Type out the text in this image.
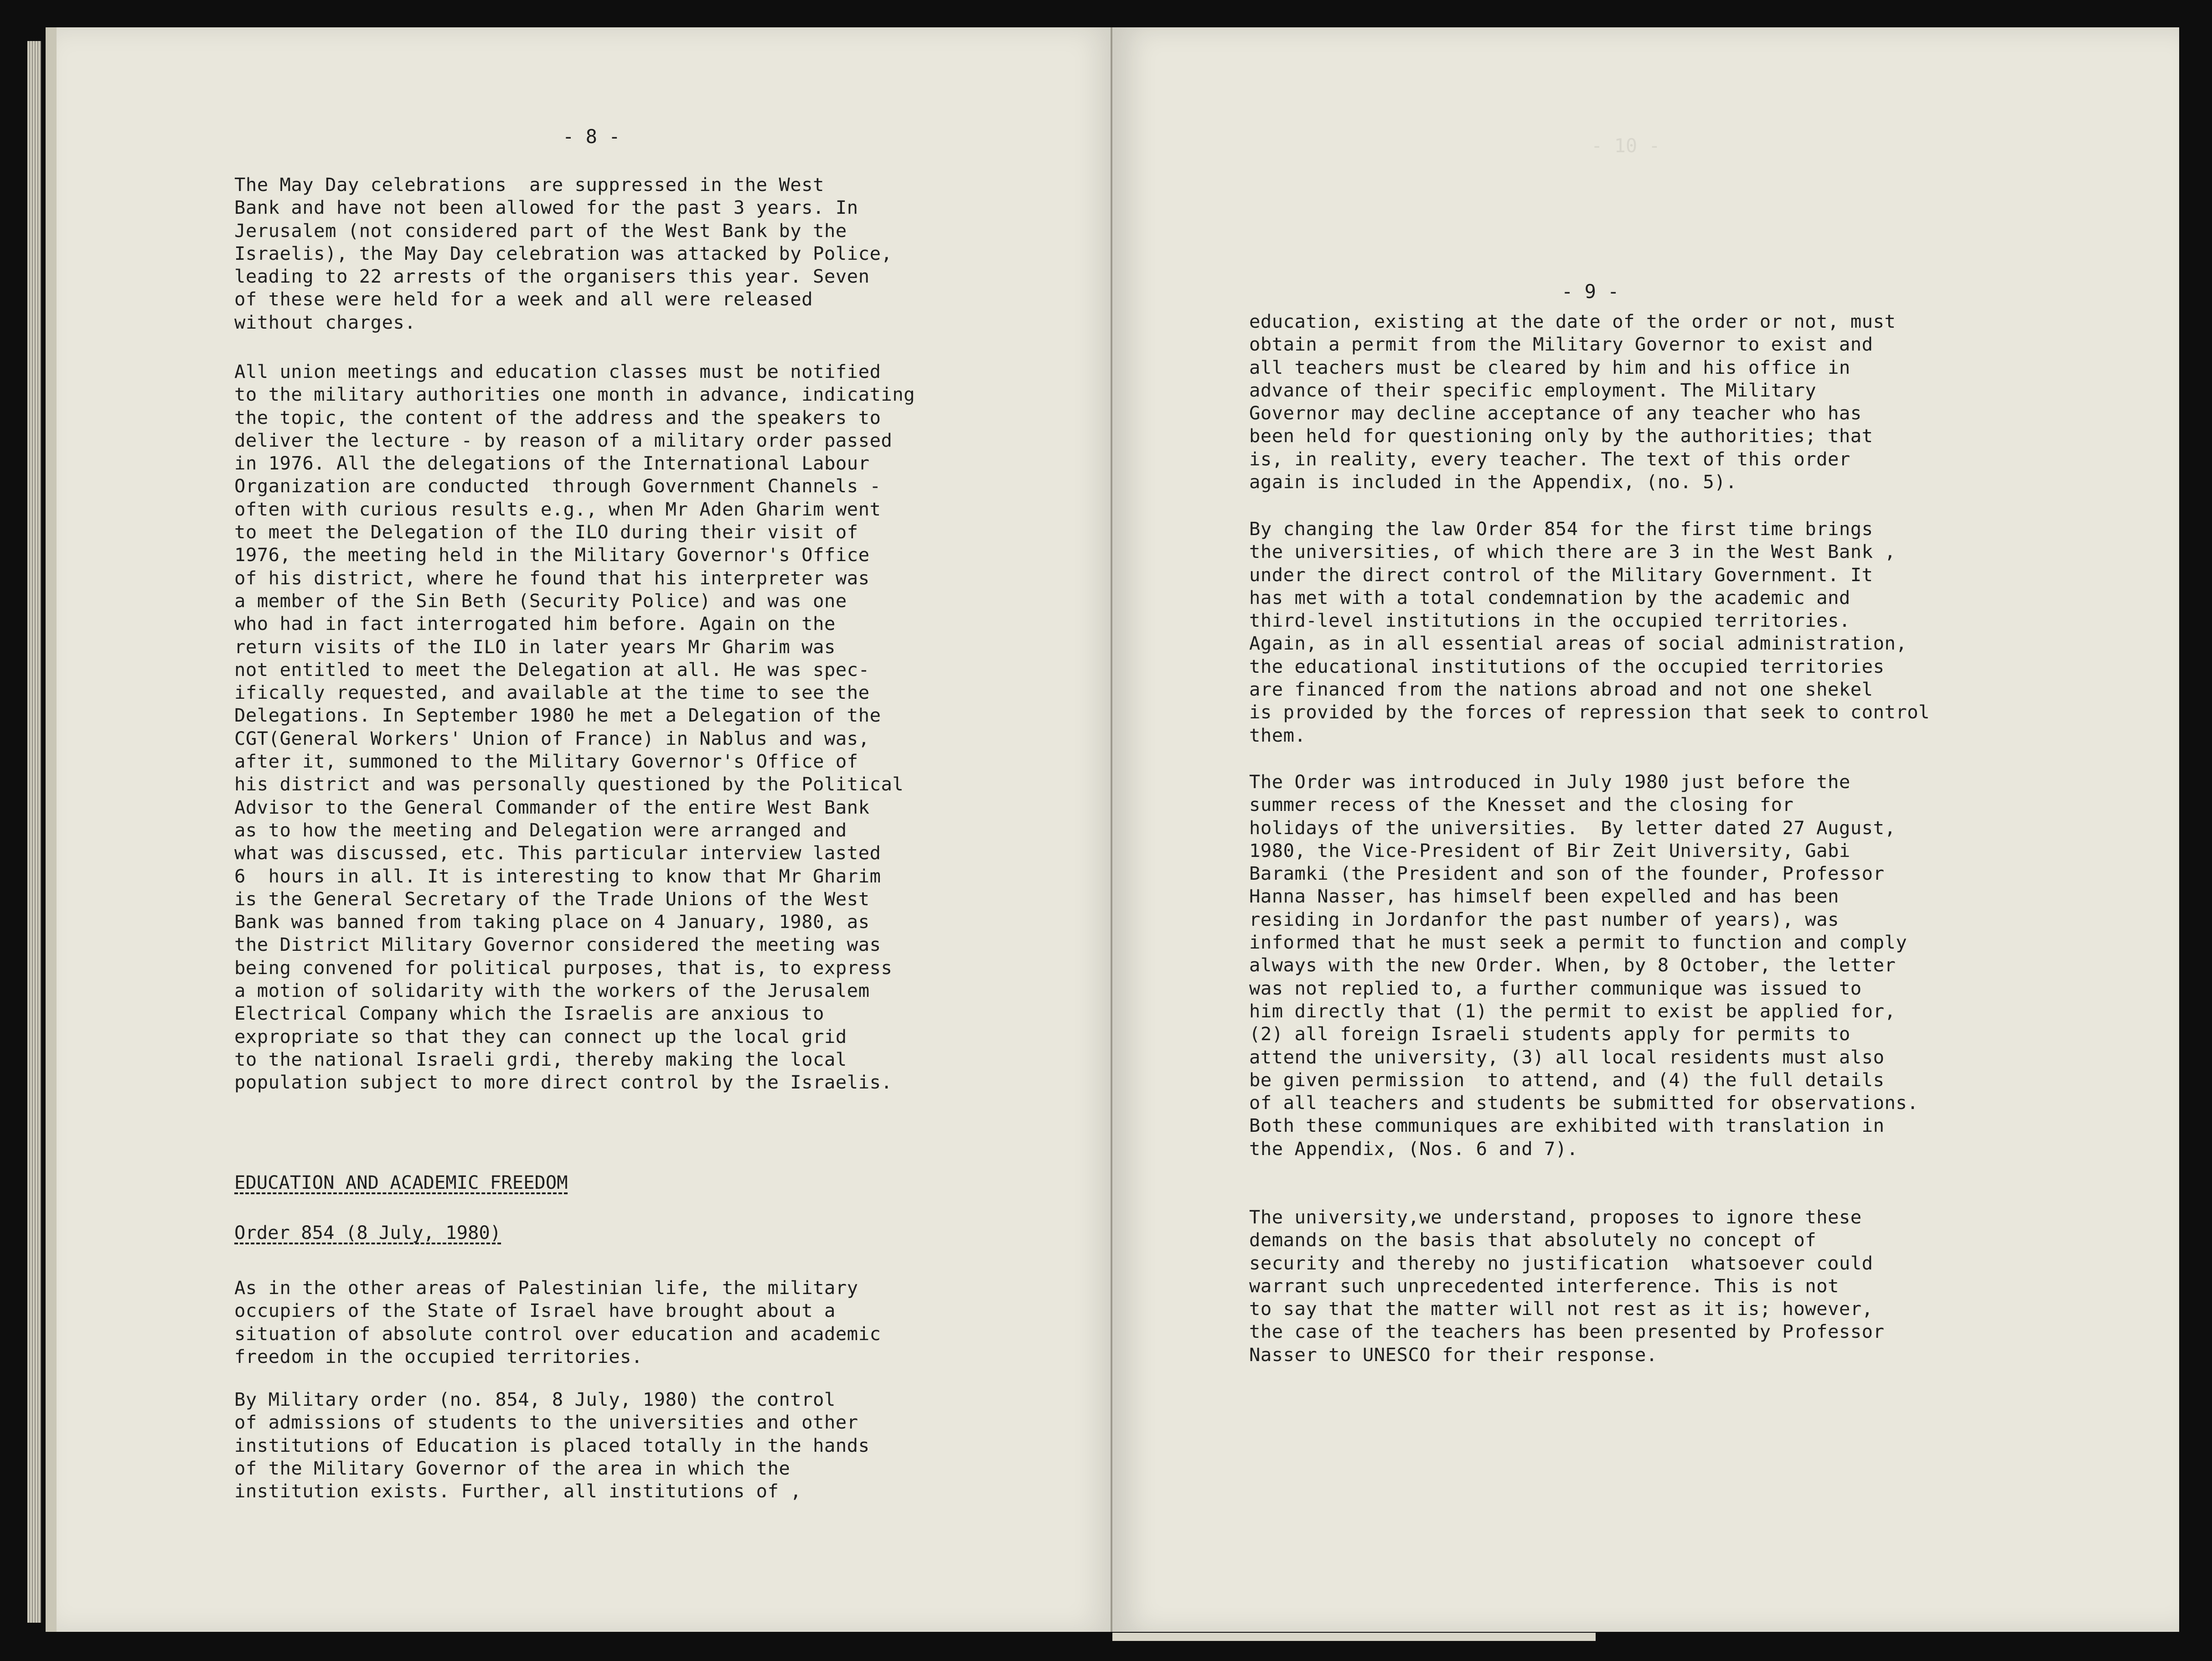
- 8 -

The May Day celebrations  are suppressed in the West
Bank and have not been allowed for the past 3 years. In
Jerusalem (not considered part of the West Bank by the
Israelis), the May Day celebration was attacked by Police,
leading to 22 arrests of the organisers this year. Seven
of these were held for a week and all were released
without charges.

All union meetings and education classes must be notified
to the military authorities one month in advance, indicating
the topic, the content of the address and the speakers to
deliver the lecture - by reason of a military order passed
in 1976. All the delegations of the International Labour
Organization are conducted  through Government Channels -
often with curious results e.g., when Mr Aden Gharim went
to meet the Delegation of the ILO during their visit of
1976, the meeting held in the Military Governor's Office
of his district, where he found that his interpreter was
a member of the Sin Beth (Security Police) and was one
who had in fact interrogated him before. Again on the
return visits of the ILO in later years Mr Gharim was
not entitled to meet the Delegation at all. He was spec-
ifically requested, and available at the time to see the
Delegations. In September 1980 he met a Delegation of the
CGT(General Workers' Union of France) in Nablus and was,
after it, summoned to the Military Governor's Office of
his district and was personally questioned by the Political
Advisor to the General Commander of the entire West Bank
as to how the meeting and Delegation were arranged and
what was discussed, etc. This particular interview lasted
6  hours in all. It is interesting to know that Mr Gharim
is the General Secretary of the Trade Unions of the West
Bank was banned from taking place on 4 January, 1980, as
the District Military Governor considered the meeting was
being convened for political purposes, that is, to express
a motion of solidarity with the workers of the Jerusalem
Electrical Company which the Israelis are anxious to
expropriate so that they can connect up the local grid
to the national Israeli grdi, thereby making the local
population subject to more direct control by the Israelis.

EDUCATION AND ACADEMIC FREEDOM
Order 854 (8 July, 1980)

As in the other areas of Palestinian life, the military
occupiers of the State of Israel have brought about a
situation of absolute control over education and academic
freedom in the occupied territories.

By Military order (no. 854, 8 July, 1980) the control
of admissions of students to the universities and other
institutions of Education is placed totally in the hands
of the Military Governor of the area in which the
institution exists. Further, all institutions of ,

- 10 -
- 9 -

education, existing at the date of the order or not, must
obtain a permit from the Military Governor to exist and
all teachers must be cleared by him and his office in
advance of their specific employment. The Military
Governor may decline acceptance of any teacher who has
been held for questioning only by the authorities; that
is, in reality, every teacher. The text of this order
again is included in the Appendix, (no. 5).

By changing the law Order 854 for the first time brings
the universities, of which there are 3 in the West Bank ,
under the direct control of the Military Government. It
has met with a total condemnation by the academic and
third-level institutions in the occupied territories.
Again, as in all essential areas of social administration,
the educational institutions of the occupied territories
are financed from the nations abroad and not one shekel
is provided by the forces of repression that seek to control
them.

The Order was introduced in July 1980 just before the
summer recess of the Knesset and the closing for
holidays of the universities.  By letter dated 27 August,
1980, the Vice-President of Bir Zeit University, Gabi
Baramki (the President and son of the founder, Professor
Hanna Nasser, has himself been expelled and has been
residing in Jordanfor the past number of years), was
informed that he must seek a permit to function and comply
always with the new Order. When, by 8 October, the letter
was not replied to, a further communique was issued to
him directly that (1) the permit to exist be applied for,
(2) all foreign Israeli students apply for permits to
attend the university, (3) all local residents must also
be given permission  to attend, and (4) the full details
of all teachers and students be submitted for observations.
Both these communiques are exhibited with translation in
the Appendix, (Nos. 6 and 7).

The university,we understand, proposes to ignore these
demands on the basis that absolutely no concept of
security and thereby no justification  whatsoever could
warrant such unprecedented interference. This is not
to say that the matter will not rest as it is; however,
the case of the teachers has been presented by Professor
Nasser to UNESCO for their response.
